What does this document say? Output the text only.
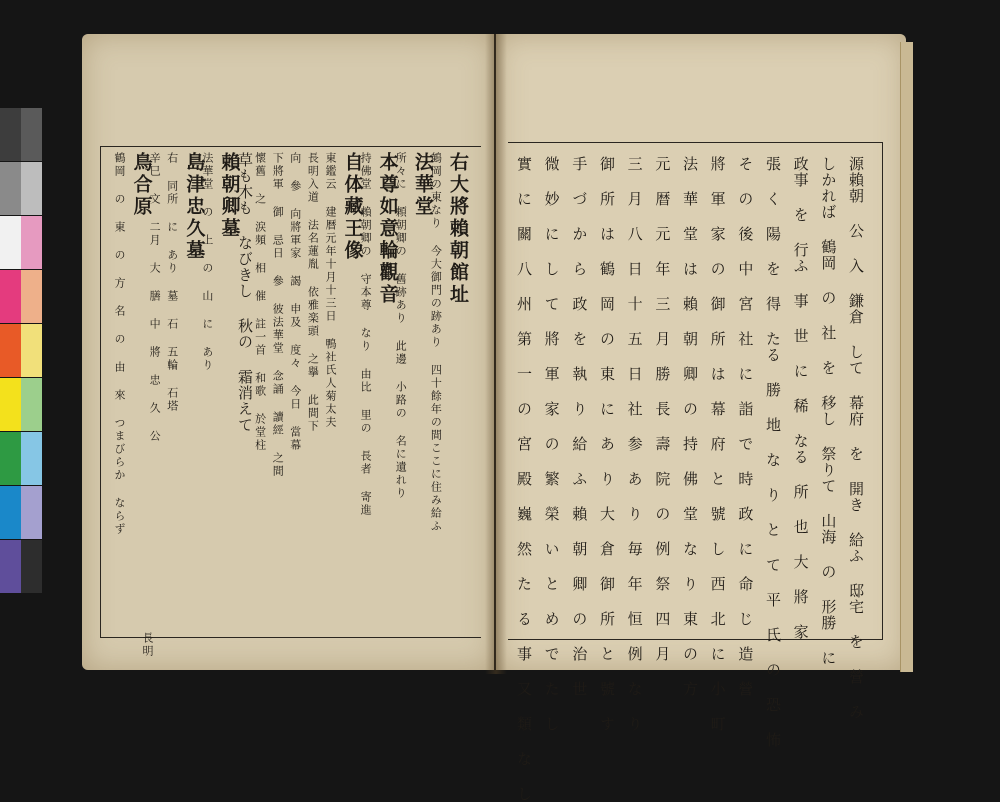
右大將賴朝館址
鶴岡の東なり 今大御門の跡あり 四十餘年の間ここに住み給ふ
法華堂
所々に 頼朝卿の 舊跡あり 此邊 小路の 名に遺れり
本尊如意輪觀音
持佛堂 賴朝卿の 守本尊 なり 由比 里の 長者 寄進
自体藏王像
東鑑云 建暦元年十月十三日 鴨社氏人菊太夫
長明入道 法名蓮胤 依雅楽頭 之擧 此間下
向 參 向將軍家 謁 申及 度々 今日 當幕
下將軍 御 忌日 參 彼法華堂 念誦 讀經 之間
懷舊 之 涙頻 相 催 註一首 和歌 於堂柱
草も木も なびきし 秋の 霜消えて
賴朝卿墓
法華堂 の 上 の 山 に あり
島津忠久墓
右 同所 に あり 墓 石 五輪 石塔
辛巳 文 二月 大 膳 中 將 忠 久 公
鳥合原
鶴岡 の 東 の 方 名 の 由 來 つまびらか ならず
長明	源賴朝 公 入 鎌倉 して 幕府 を 開き 給ふ 邸宅 を 營 み
しかれば 鶴岡 の 社 を 移し 祭りて 山海 の 形勝 に
政事 を 行ふ 事 世 に 稀 なる 所 也 大 將 家
張 く 陽 を 得 たる 勝 地 な り と て 平 氏 の 恐 怖
そ の 後 中 宮 社 に 詣 で 時 政 に 命 じ 造 營
將 軍 家 の 御 所 は 幕 府 と 號 し 西 北 に 小 町
法 華 堂 は 賴 朝 卿 の 持 佛 堂 な り 東 の 方
元 暦 元 年 三 月 勝 長 壽 院 の 例 祭 四 月
三 月 八 日 十 五 日 社 参 あ り 毎 年 恒 例 な り
御 所 は 鶴 岡 の 東 に あ り 大 倉 御 所 と 號 す
手 づ か ら 政 を 執 り 給 ふ 賴 朝 卿 の 治 世
微 妙 に し て 將 軍 家 の 繁 榮 い と め で た し
實 に 關 八 州 第 一 の 宮 殿 巍 然 た る 事 又 類 な し
